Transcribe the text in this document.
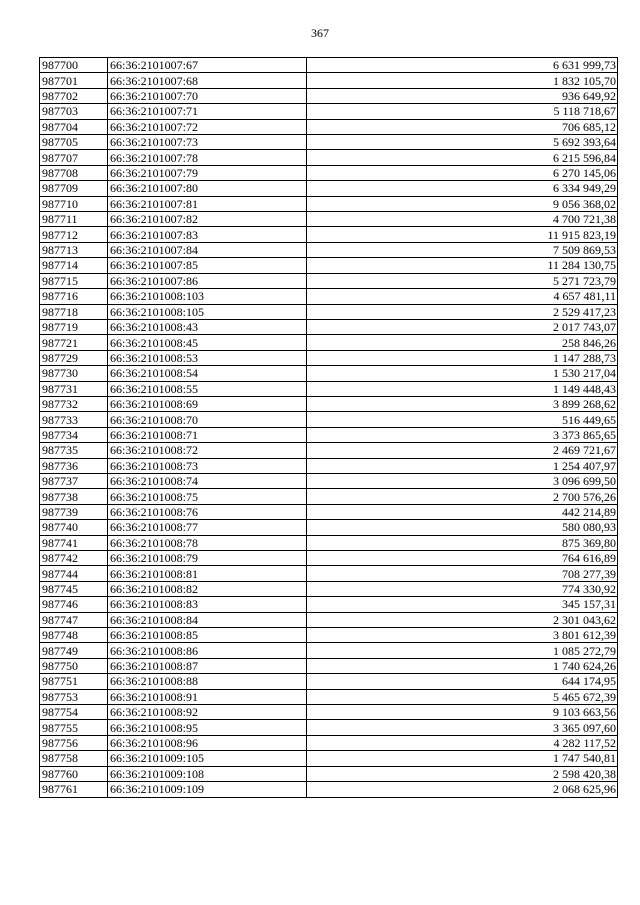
367
987700	66:36:2101007:67	6 631 999,73
987701	66:36:2101007:68	1 832 105,70
987702	66:36:2101007:70	936 649,92
987703	66:36:2101007:71	5 118 718,67
987704	66:36:2101007:72	706 685,12
987705	66:36:2101007:73	5 692 393,64
987707	66:36:2101007:78	6 215 596,84
987708	66:36:2101007:79	6 270 145,06
987709	66:36:2101007:80	6 334 949,29
987710	66:36:2101007:81	9 056 368,02
987711	66:36:2101007:82	4 700 721,38
987712	66:36:2101007:83	11 915 823,19
987713	66:36:2101007:84	7 509 869,53
987714	66:36:2101007:85	11 284 130,75
987715	66:36:2101007:86	5 271 723,79
987716	66:36:2101008:103	4 657 481,11
987718	66:36:2101008:105	2 529 417,23
987719	66:36:2101008:43	2 017 743,07
987721	66:36:2101008:45	258 846,26
987729	66:36:2101008:53	1 147 288,73
987730	66:36:2101008:54	1 530 217,04
987731	66:36:2101008:55	1 149 448,43
987732	66:36:2101008:69	3 899 268,62
987733	66:36:2101008:70	516 449,65
987734	66:36:2101008:71	3 373 865,65
987735	66:36:2101008:72	2 469 721,67
987736	66:36:2101008:73	1 254 407,97
987737	66:36:2101008:74	3 096 699,50
987738	66:36:2101008:75	2 700 576,26
987739	66:36:2101008:76	442 214,89
987740	66:36:2101008:77	580 080,93
987741	66:36:2101008:78	875 369,80
987742	66:36:2101008:79	764 616,89
987744	66:36:2101008:81	708 277,39
987745	66:36:2101008:82	774 330,92
987746	66:36:2101008:83	345 157,31
987747	66:36:2101008:84	2 301 043,62
987748	66:36:2101008:85	3 801 612,39
987749	66:36:2101008:86	1 085 272,79
987750	66:36:2101008:87	1 740 624,26
987751	66:36:2101008:88	644 174,95
987753	66:36:2101008:91	5 465 672,39
987754	66:36:2101008:92	9 103 663,56
987755	66:36:2101008:95	3 365 097,60
987756	66:36:2101008:96	4 282 117,52
987758	66:36:2101009:105	1 747 540,81
987760	66:36:2101009:108	2 598 420,38
987761	66:36:2101009:109	2 068 625,96
